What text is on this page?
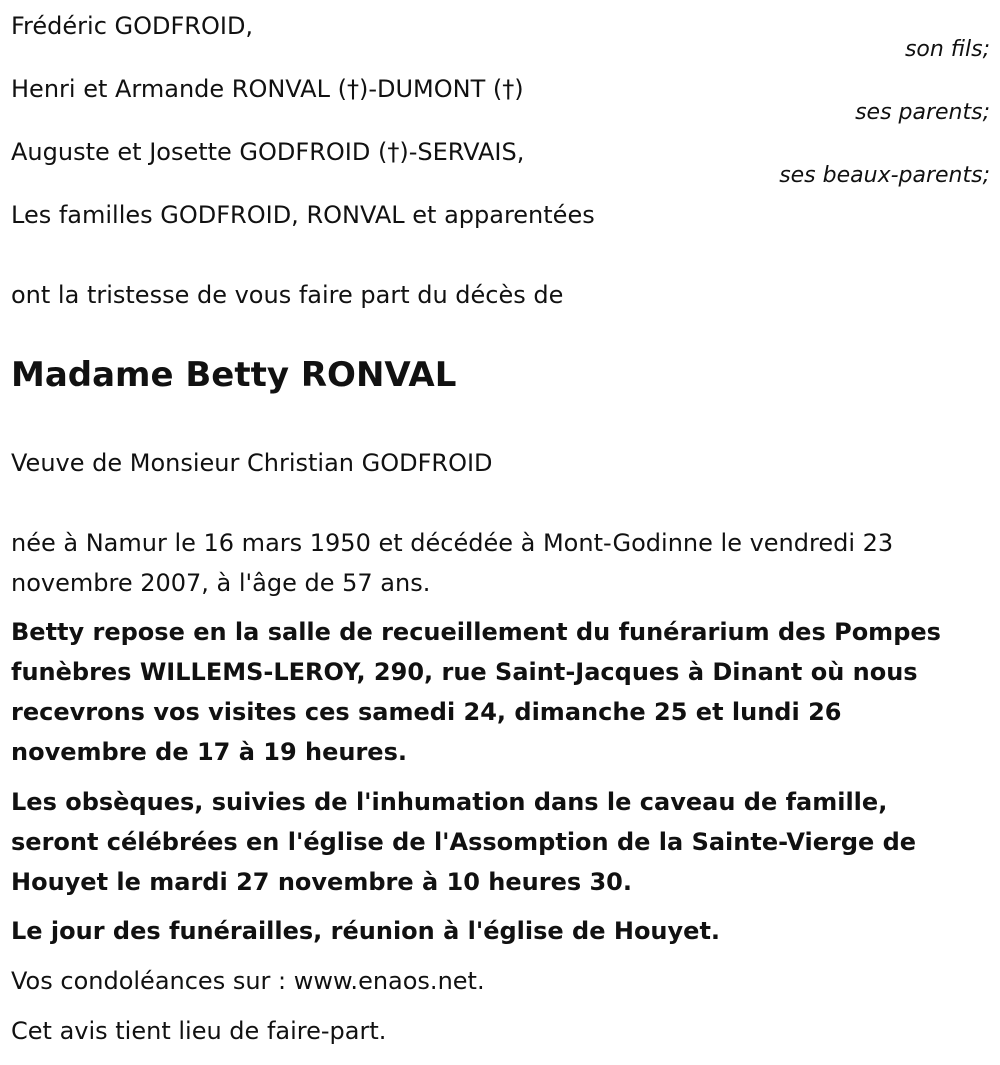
Frédéric GODFROID,
son fils;
Henri et Armande RONVAL (†)-DUMONT (†)
ses parents;
Auguste et Josette GODFROID (†)-SERVAIS,
ses beaux-parents;
Les familles GODFROID, RONVAL et apparentées
ont la tristesse de vous faire part du décès de
Madame Betty RONVAL
Veuve de Monsieur Christian GODFROID
née à Namur le 16 mars 1950 et décédée à Mont-Godinne le vendredi 23 novembre 2007, à l'âge de 57 ans.
Betty repose en la salle de recueillement du funérarium des Pompes funèbres WILLEMS-LEROY, 290, rue Saint-Jacques à Dinant où nous recevrons vos visites ces samedi 24, dimanche 25 et lundi 26 novembre de 17 à 19 heures.
Les obsèques, suivies de l'inhumation dans le caveau de famille, seront célébrées en l'église de l'Assomption de la Sainte-Vierge de Houyet le mardi 27 novembre à 10 heures 30.
Le jour des funérailles, réunion à l'église de Houyet.
Vos condoléances sur : www.enaos.net.
Cet avis tient lieu de faire-part.
